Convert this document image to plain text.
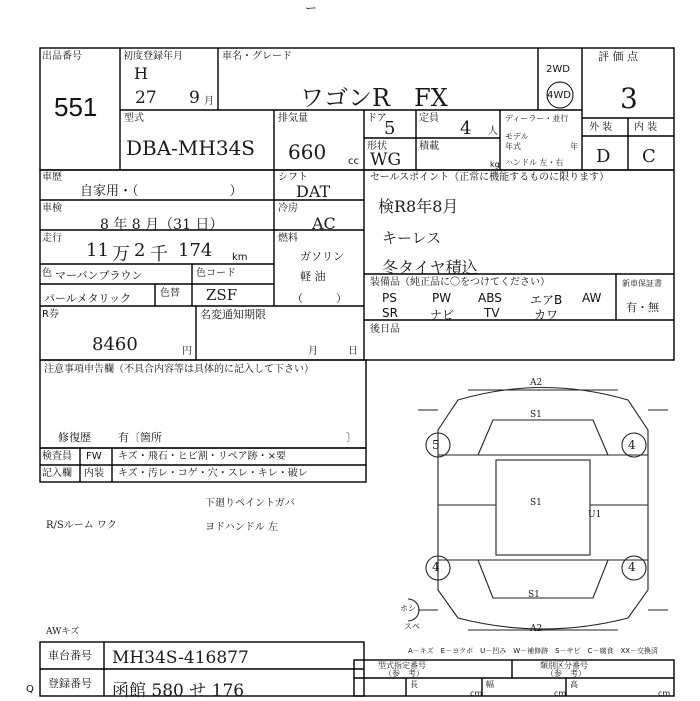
ー
出品番号
551
初度登録年月
H
27 9 月
車名・グレード
ワゴンR　FX
2WD
4WD
評 価 点
3
外 装 内 装
D C
型式
DBA-MH34S
排気量
660 cc
ドア
5 定員 4 人
ディーラー・並行
モデル
年式	年
形状
WG
積載
kg ハンドル 左・右
車歴
自家用・（　　　　　　　）
シフト
DAT
車検
8 年 8 月（31 日）
冷房
AC
走行
11 万 2 千 174 km
燃料
ガソリン
軽 油
（　　　）
色 マーバンブラウン
色替
パールメタリック
色コード
ZSF
R券
8460	円
名変通知期限
月	日
セールスポイント（正常に機能するものに限ります）
検R8年8月
キーレス
冬タイヤ積込
装備品（純正品に〇をつけてください）	新車保証書
有・無
PS	PW ABS エアB AW
SR	ナビ TV	カワ
後日品
注意事項申告欄（不具合内容等は具体的に記入して下さい）
修復歴 有〔箇所	〕
検査員
記入欄
FW キズ・飛石・ヒビ割・リペア跡・×要
内装 キズ・汚レ・コゲ・穴・スレ・キレ・破レ
下廻りペイントガバ
ヨドハンドル 左
R/Sルーム ワク
AWキズ
A2
S1
S1
U1
S1
A2
5	4
4	4
ホシ
スペ
A－キズ　E－ヨクボ　U－凹み　W－補修跡　S－サビ　C－腐食　XX－交換済
車台番号 MH34S-416877
登録番号 函館 580 せ 176
Q
型式指定番号
（参　考）
類別区分番号
（参　考）
長
cm
幅
cm
高
cm
